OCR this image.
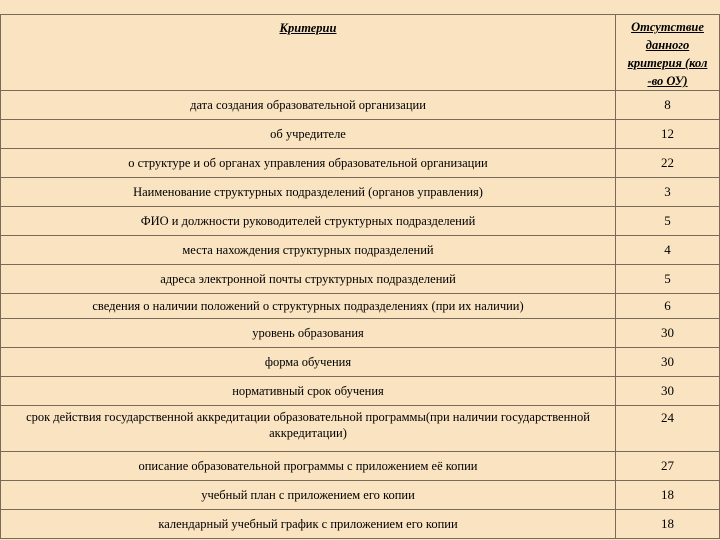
Критерии	Отсутствие данного критерия (кол -во ОУ)
дата создания образовательной организации	8
об учредителе	12
о структуре и об органах управления образовательной организации	22
Наименование структурных подразделений (органов управления)	3
ФИО и должности руководителей структурных подразделений	5
места нахождения структурных подразделений	4
адреса электронной почты структурных подразделений	5
сведения о наличии положений о структурных подразделениях (при их наличии)	6
уровень образования	30
форма обучения	30
нормативный срок обучения	30
срок действия государственной аккредитации образовательной программы(при наличии государственной аккредитации)	24
описание образовательной программы с приложением её копии	27
учебный план с приложением его копии	18
календарный учебный график с приложением его копии	18
